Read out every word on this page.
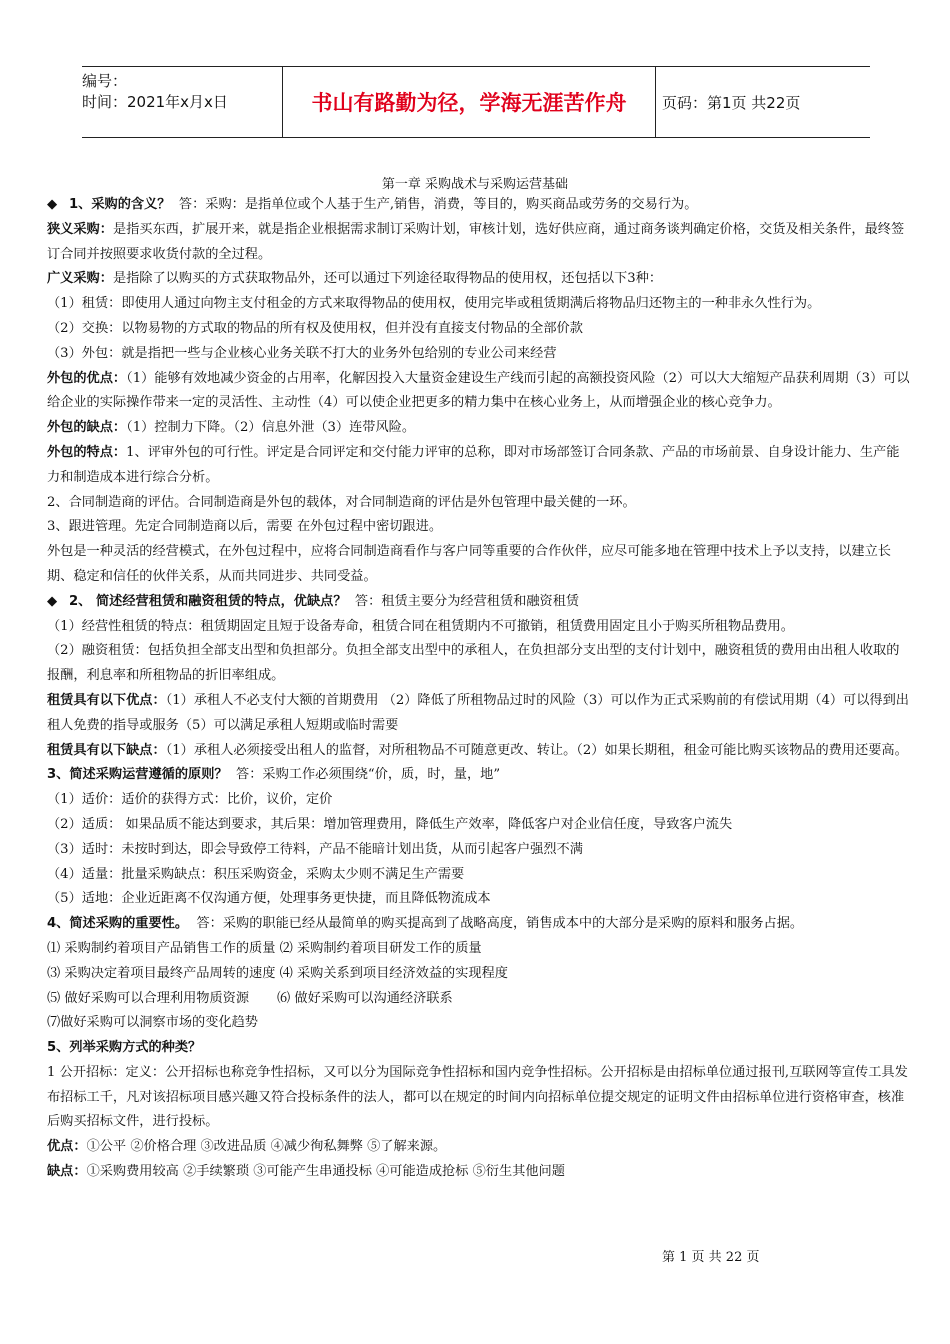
编号：
时间：2021年x月x日	书山有路勤为径，学海无涯苦作舟	页码：第1页 共22页
第一章 采购战术与采购运营基础

◆ 1、采购的含义？ 答：采购：是指单位或个人基于生产,销售，消费，等目的，购买商品或劳务的交易行为。

狭义采购：是指买东西，扩展开来，就是指企业根据需求制订采购计划，审核计划，选好供应商，通过商务谈判确定价格，交货及相关条件，最终签订合同并按照要求收货付款的全过程。

广义采购：是指除了以购买的方式获取物品外，还可以通过下列途径取得物品的使用权，还包括以下3种：

（1）租赁：即使用人通过向物主支付租金的方式来取得物品的使用权，使用完毕或租赁期满后将物品归还物主的一种非永久性行为。

（2）交换：以物易物的方式取的物品的所有权及使用权，但并没有直接支付物品的全部价款

（3）外包：就是指把一些与企业核心业务关联不打大的业务外包给别的专业公司来经营

外包的优点：（1）能够有效地减少资金的占用率，化解因投入大量资金建设生产线而引起的高额投资风险（2）可以大大缩短产品获利周期（3）可以给企业的实际操作带来一定的灵活性、主动性（4）可以使企业把更多的精力集中在核心业务上，从而增强企业的核心竞争力。

外包的缺点：（1）控制力下降。（2）信息外泄（3）连带风险。

外包的特点：1、评审外包的可行性。评定是合同评定和交付能力评审的总称，即对市场部签订合同条款、产品的市场前景、自身设计能力、生产能力和制造成本进行综合分析。

2、合同制造商的评估。合同制造商是外包的载体，对合同制造商的评估是外包管理中最关健的一环。

3、跟进管理。先定合同制造商以后，需要 在外包过程中密切跟进。

外包是一种灵活的经营模式，在外包过程中，应将合同制造商看作与客户同等重要的合作伙伴，应尽可能多地在管理中技术上予以支持，以建立长期、稳定和信任的伙伴关系，从而共同进步、共同受益。

◆ 2、 简述经营租赁和融资租赁的特点，优缺点？ 答：租赁主要分为经营租赁和融资租赁

（1）经营性租赁的特点：租赁期固定且短于设备寿命，租赁合同在租赁期内不可撤销，租赁费用固定且小于购买所租物品费用。

（2）融资租赁：包括负担全部支出型和负担部分。负担全部支出型中的承租人，在负担部分支出型的支付计划中，融资租赁的费用由出租人收取的报酬，利息率和所租物品的折旧率组成。

租赁具有以下优点：（1）承租人不必支付大额的首期费用 （2）降低了所租物品过时的风险（3）可以作为正式采购前的有偿试用期（4）可以得到出租人免费的指导或服务（5）可以满足承租人短期或临时需要

租赁具有以下缺点：（1）承租人必须接受出租人的监督，对所租物品不可随意更改、转让。（2）如果长期租，租金可能比购买该物品的费用还要高。

3、简述采购运营遵循的原则？ 答：采购工作必须围绕“价，质，时，量，地”

（1）适价：适价的获得方式：比价，议价，定价

（2）适质： 如果品质不能达到要求，其后果：增加管理费用，降低生产效率，降低客户对企业信任度，导致客户流失

（3）适时：未按时到达，即会导致停工待料，产品不能暗计划出货，从而引起客户强烈不满

（4）适量：批量采购缺点：积压采购资金，采购太少则不满足生产需要

（5）适地：企业近距离不仅沟通方便，处理事务更快捷，而且降低物流成本

4、简述采购的重要性。 答：采购的职能已经从最简单的购买提高到了战略高度，销售成本中的大部分是采购的原料和服务占据。

⑴ 采购制约着项目产品销售工作的质量 ⑵ 采购制约着项目研发工作的质量

⑶ 采购决定着项目最终产品周转的速度 ⑷ 采购关系到项目经济效益的实现程度

⑸ 做好采购可以合理利用物质资源 ⑹ 做好采购可以沟通经济联系

⑺做好采购可以洞察市场的变化趋势

5、列举采购方式的种类？

1 公开招标：定义：公开招标也称竞争性招标，又可以分为国际竞争性招标和国内竞争性招标。公开招标是由招标单位通过报刊,互联网等宣传工具发布招标工千，凡对该招标项目感兴趣又符合投标条件的法人，都可以在规定的时间内向招标单位提交规定的证明文件由招标单位进行资格审查，核准后购买招标文件，进行投标。

优点：①公平 ②价格合理 ③改进品质 ④减少徇私舞弊 ⑤了解来源。

缺点：①采购费用较高 ②手续繁琐 ③可能产生串通投标 ④可能造成抢标 ⑤衍生其他问题

第 1 页 共 22 页
